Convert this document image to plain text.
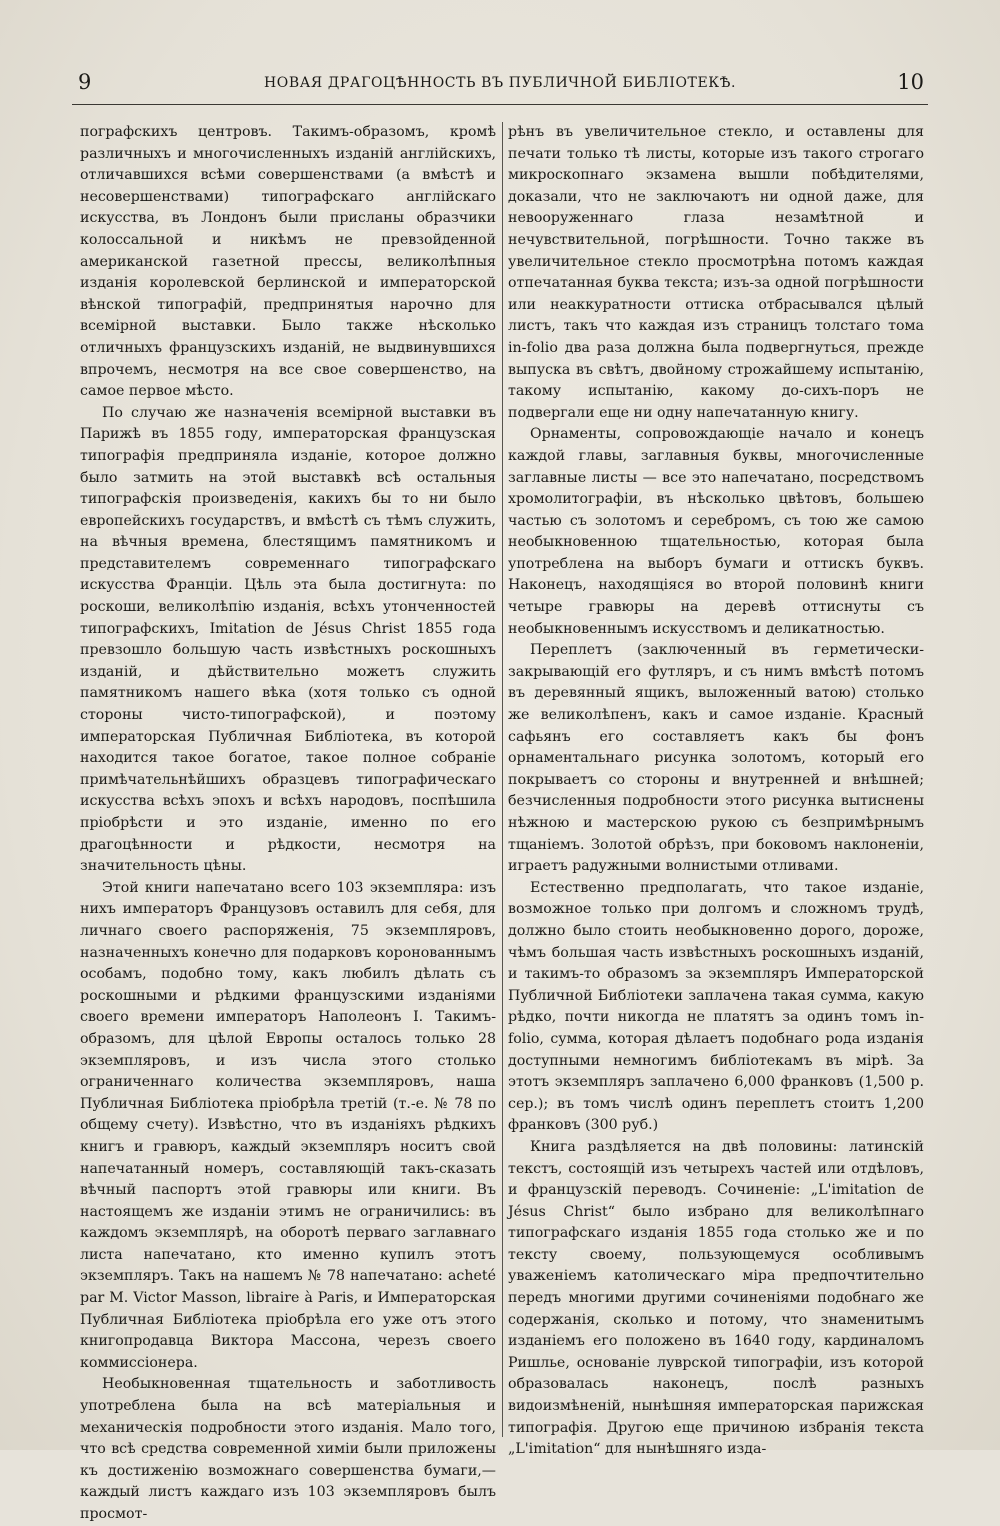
9	НОВАЯ ДРАГОЦѢННОСТЬ ВЪ ПУБЛИЧНОЙ БИБЛІОТЕКѢ.	10

пографскихъ центровъ. Такимъ-образомъ, кромѣ различныхъ и многочисленныхъ изданій англійскихъ, отличавшихся всѣми совершенствами (а вмѣстѣ и несовершенствами) типографскаго англійскаго искусства, въ Лондонъ были присланы образчики колоссальной и никѣмъ не превзойденной американской газетной прессы, великолѣпныя изданія королевской берлинской и императорской вѣнской типографій, предпринятыя нарочно для всемірной выставки. Было также нѣсколько отличныхъ французскихъ изданій, не выдвинувшихся впрочемъ, несмотря на все свое совершенство, на самое первое мѣсто.

По случаю же назначенія всемірной выставки въ Парижѣ въ 1855 году, императорская французская типографія предприняла изданіе, которое должно было затмить на этой выставкѣ всѣ остальныя типографскія произведенія, какихъ бы то ни было европейскихъ государствъ, и вмѣстѣ съ тѣмъ служить, на вѣчныя времена, блестящимъ памятникомъ и представителемъ современнаго типографскаго искусства Франціи. Цѣль эта была достигнута: по роскоши, великолѣпію изданія, всѣхъ утонченностей типографскихъ, Imitation de Jésus Christ 1855 года превзошло большую часть извѣстныхъ роскошныхъ изданій, и дѣйствительно можетъ служить памятникомъ нашего вѣка (хотя только съ одной стороны чисто-типографской), и поэтому императорская Публичная Библіотека, въ которой находится такое богатое, такое полное собраніе примѣчательнѣйшихъ образцевъ типографическаго искусства всѣхъ эпохъ и всѣхъ народовъ, поспѣшила пріобрѣсти и это изданіе, именно по его драгоцѣнности и рѣдкости, несмотря на значительность цѣны.

Этой книги напечатано всего 103 экземпляра: изъ нихъ императоръ Французовъ оставилъ для себя, для личнаго своего распоряженія, 75 экземпляровъ, назначенныхъ конечно для подарковъ коронованнымъ особамъ, подобно тому, какъ любилъ дѣлать съ роскошными и рѣдкими французскими изданіями своего времени императоръ Наполеонъ I. Такимъ-образомъ, для цѣлой Европы осталось только 28 экземпляровъ, и изъ числа этого столько ограниченнаго количества экземпляровъ, наша Публичная Библіотека пріобрѣла третій (т.-е. № 78 по общему счету). Извѣстно, что въ изданіяхъ рѣдкихъ книгъ и гравюръ, каждый экземпляръ носитъ свой напечатанный номеръ, составляющій такъ-сказать вѣчный паспортъ этой гравюры или книги. Въ настоящемъ же изданіи этимъ не ограничились: въ каждомъ экземплярѣ, на оборотѣ перваго заглавнаго листа напечатано, кто именно купилъ этотъ экземпляръ. Такъ на нашемъ № 78 напечатано: acheté par M. Victor Masson, libraire à Paris, и Императорская Публичная Библіотека пріобрѣла его уже отъ этого книгопродавца Виктора Массона, черезъ своего коммиссіонера.

Необыкновенная тщательность и заботливость употреблена была на всѣ матеріальныя и механическія подробности этого изданія. Мало того, что всѣ средства современной химіи были приложены къ достиженію возможнаго совершенства бумаги,—каждый листъ каждаго изъ 103 экземпляровъ былъ просмот-

рѣнъ въ увеличительное стекло, и оставлены для печати только тѣ листы, которые изъ такого строгаго микроскопнаго экзамена вышли побѣдителями, доказали, что не заключаютъ ни одной даже, для невооруженнаго глаза незамѣтной и нечувствительной, погрѣшности. Точно также въ увеличительное стекло просмотрѣна потомъ каждая отпечатанная буква текста; изъ-за одной погрѣшности или неаккуратности оттиска отбрасывался цѣлый листъ, такъ что каждая изъ страницъ толстаго тома in-folio два раза должна была подвергнуться, прежде выпуска въ свѣтъ, двойному строжайшему испытанію, такому испытанію, какому до-сихъ-поръ не подвергали еще ни одну напечатанную книгу.

Орнаменты, сопровождающіе начало и конецъ каждой главы, заглавныя буквы, многочисленные заглавные листы — все это напечатано, посредствомъ хромолитографіи, въ нѣсколько цвѣтовъ, большею частью съ золотомъ и серебромъ, съ тою же самою необыкновенною тщательностью, которая была употреблена на выборъ бумаги и оттискъ буквъ. Наконецъ, находящіяся во второй половинѣ книги четыре гравюры на деревѣ оттиснуты съ необыкновеннымъ искусствомъ и деликатностью.

Переплетъ (заключенный въ герметически-закрывающій его футляръ, и съ нимъ вмѣстѣ потомъ въ деревянный ящикъ, выложенный ватою) столько же великолѣпенъ, какъ и самое изданіе. Красный сафьянъ его составляетъ какъ бы фонъ орнаментальнаго рисунка золотомъ, который его покрываетъ со стороны и внутренней и внѣшней; безчисленныя подробности этого рисунка вытиснены нѣжною и мастерскою рукою съ безпримѣрнымъ тщаніемъ. Золотой обрѣзъ, при боковомъ наклоненіи, играетъ радужными волнистыми отливами.

Естественно предполагать, что такое изданіе, возможное только при долгомъ и сложномъ трудѣ, должно было стоить необыкновенно дорого, дороже, чѣмъ большая часть извѣстныхъ роскошныхъ изданій, и такимъ-то образомъ за экземпляръ Императорской Публичной Библіотеки заплачена такая сумма, какую рѣдко, почти никогда не платятъ за одинъ томъ in-folio, сумма, которая дѣлаетъ подобнаго рода изданія доступными немногимъ библіотекамъ въ мірѣ. За этотъ экземпляръ заплачено 6,000 франковъ (1,500 р. сер.); въ томъ числѣ одинъ переплетъ стоитъ 1,200 франковъ (300 руб.)

Книга раздѣляется на двѣ половины: латинскій текстъ, состоящій изъ четырехъ частей или отдѣловъ, и французскій переводъ. Сочиненіе: „L'imitation de Jésus Christ“ было избрано для великолѣпнаго типографскаго изданія 1855 года столько же и по тексту своему, пользующемуся особливымъ уваженіемъ католическаго міра предпочтительно передъ многими другими сочиненіями подобнаго же содержанія, сколько и потому, что знаменитымъ изданіемъ его положено въ 1640 году, кардиналомъ Ришлье, основаніе луврской типографіи, изъ которой образовалась наконецъ, послѣ разныхъ видоизмѣненій, нынѣшняя императорская парижская типографія. Другою еще причиною избранія текста „L'imitation“ для нынѣшняго изда-
